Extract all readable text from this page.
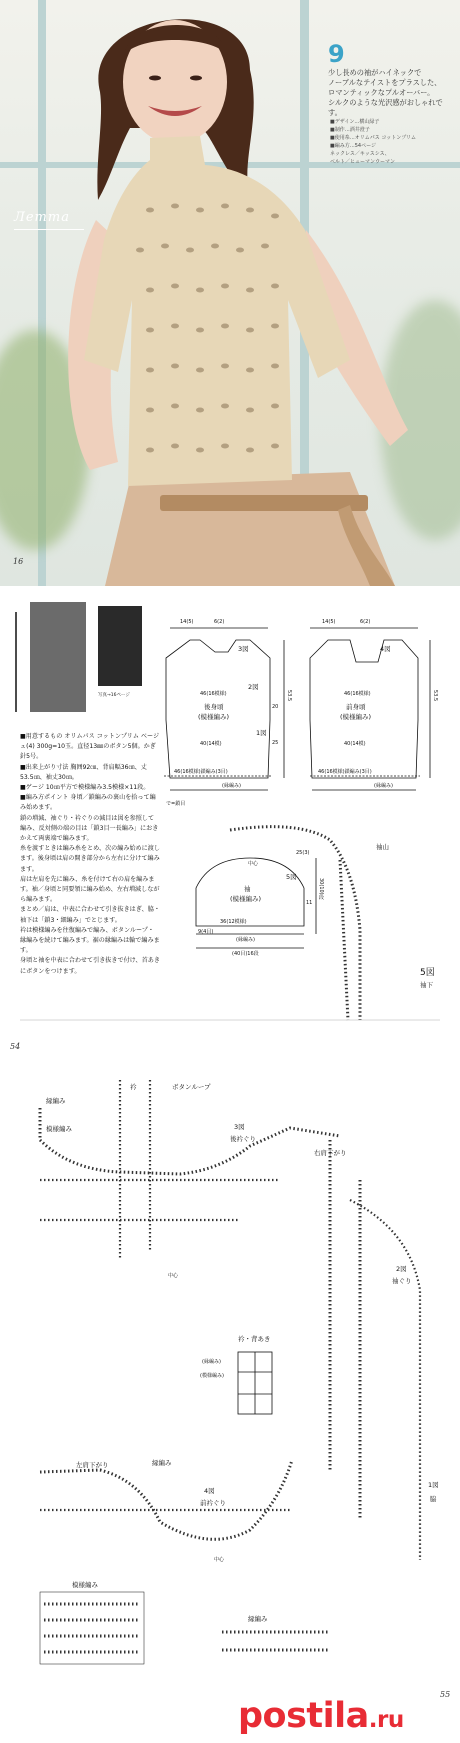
9
少し長めの袖がハイネックで
ノーブルなテイストをプラスした、
ロマンティックなプルオーバー。
シルクのような光沢感がおしゃれです。
■デザイン…横山緑子
■制作…酒井澄子
■使用糸…オリムパス コットンプリム
■編み方…54ページ
ネックレス／キッスシス、
ベルト／ヒューマンウーマン
Летта
16
写真→16ページ

■用意するもの オリムパス コットンプリム ベージュ(4) 300g=10玉。直径13㎜のボタン5個。かぎ針5号。

■出来上がり寸法 胸囲92㎝、背肩幅36㎝、丈53.5㎝、袖丈30㎝。

■ゲージ 10㎝平方で模様編み3.5模様×11段。

■編み方ポイント 身頃／鎖編みの裏山を拾って編み始めます。

鎖の増減、袖ぐり・衿ぐりの減目は図を参照して編み、反対側の端の目は「鎖3目一長編み」におきかえて両裏端で編みます。

糸を渡すときは編み糸をとめ、次の編み始めに渡します。後身頃は肩の開き部分から左右に分けて編みます。

肩は左肩を先に編み、糸を付けて右の肩を編みます。袖／身頃と同要領に編み始め、左右増減しながら編みます。

まとめ／肩は、中表に合わせて引き抜きはぎ、脇・袖下は「鎖3・細編み」でとじます。

衿は模様編みを往復編みで編み、ボタンループ・縁編みを続けて編みます。裾の縁編みは輪で編みます。

身頃と袖を中表に合わせて引き抜きで付け、首あきにボタンをつけます。

後身頃
(模様編み)
前身頃
(模様編み)
3図
2図
1図
4図
14(5)	6(2)	14(5)	6(2)
46(16模様)	46(16模様)
40(14模)	40(14模)
46(16模様)鎖編み(3目)	46(16模様)鎖編み(3目)
(縁編み)	(縁編み)
53.5	53.5
25
20
で=鎖目
袖
(模様編み)
5図
25(3)
11
36(12模様)
(縁編み)
(40目)16段
9(4目)
30(10)段
袖山
5図
袖下
中心
54
縁編み
模様編み
衿	ボタンループ
3図
後衿ぐり
右肩下がり
中心
2図
袖ぐり
1図
脇
衿・背あき
(縁編み)
(模様編み)
左肩下がり	縁編み
4図
前衿ぐり
中心
模様編み
縁編み
55
postila.ru
